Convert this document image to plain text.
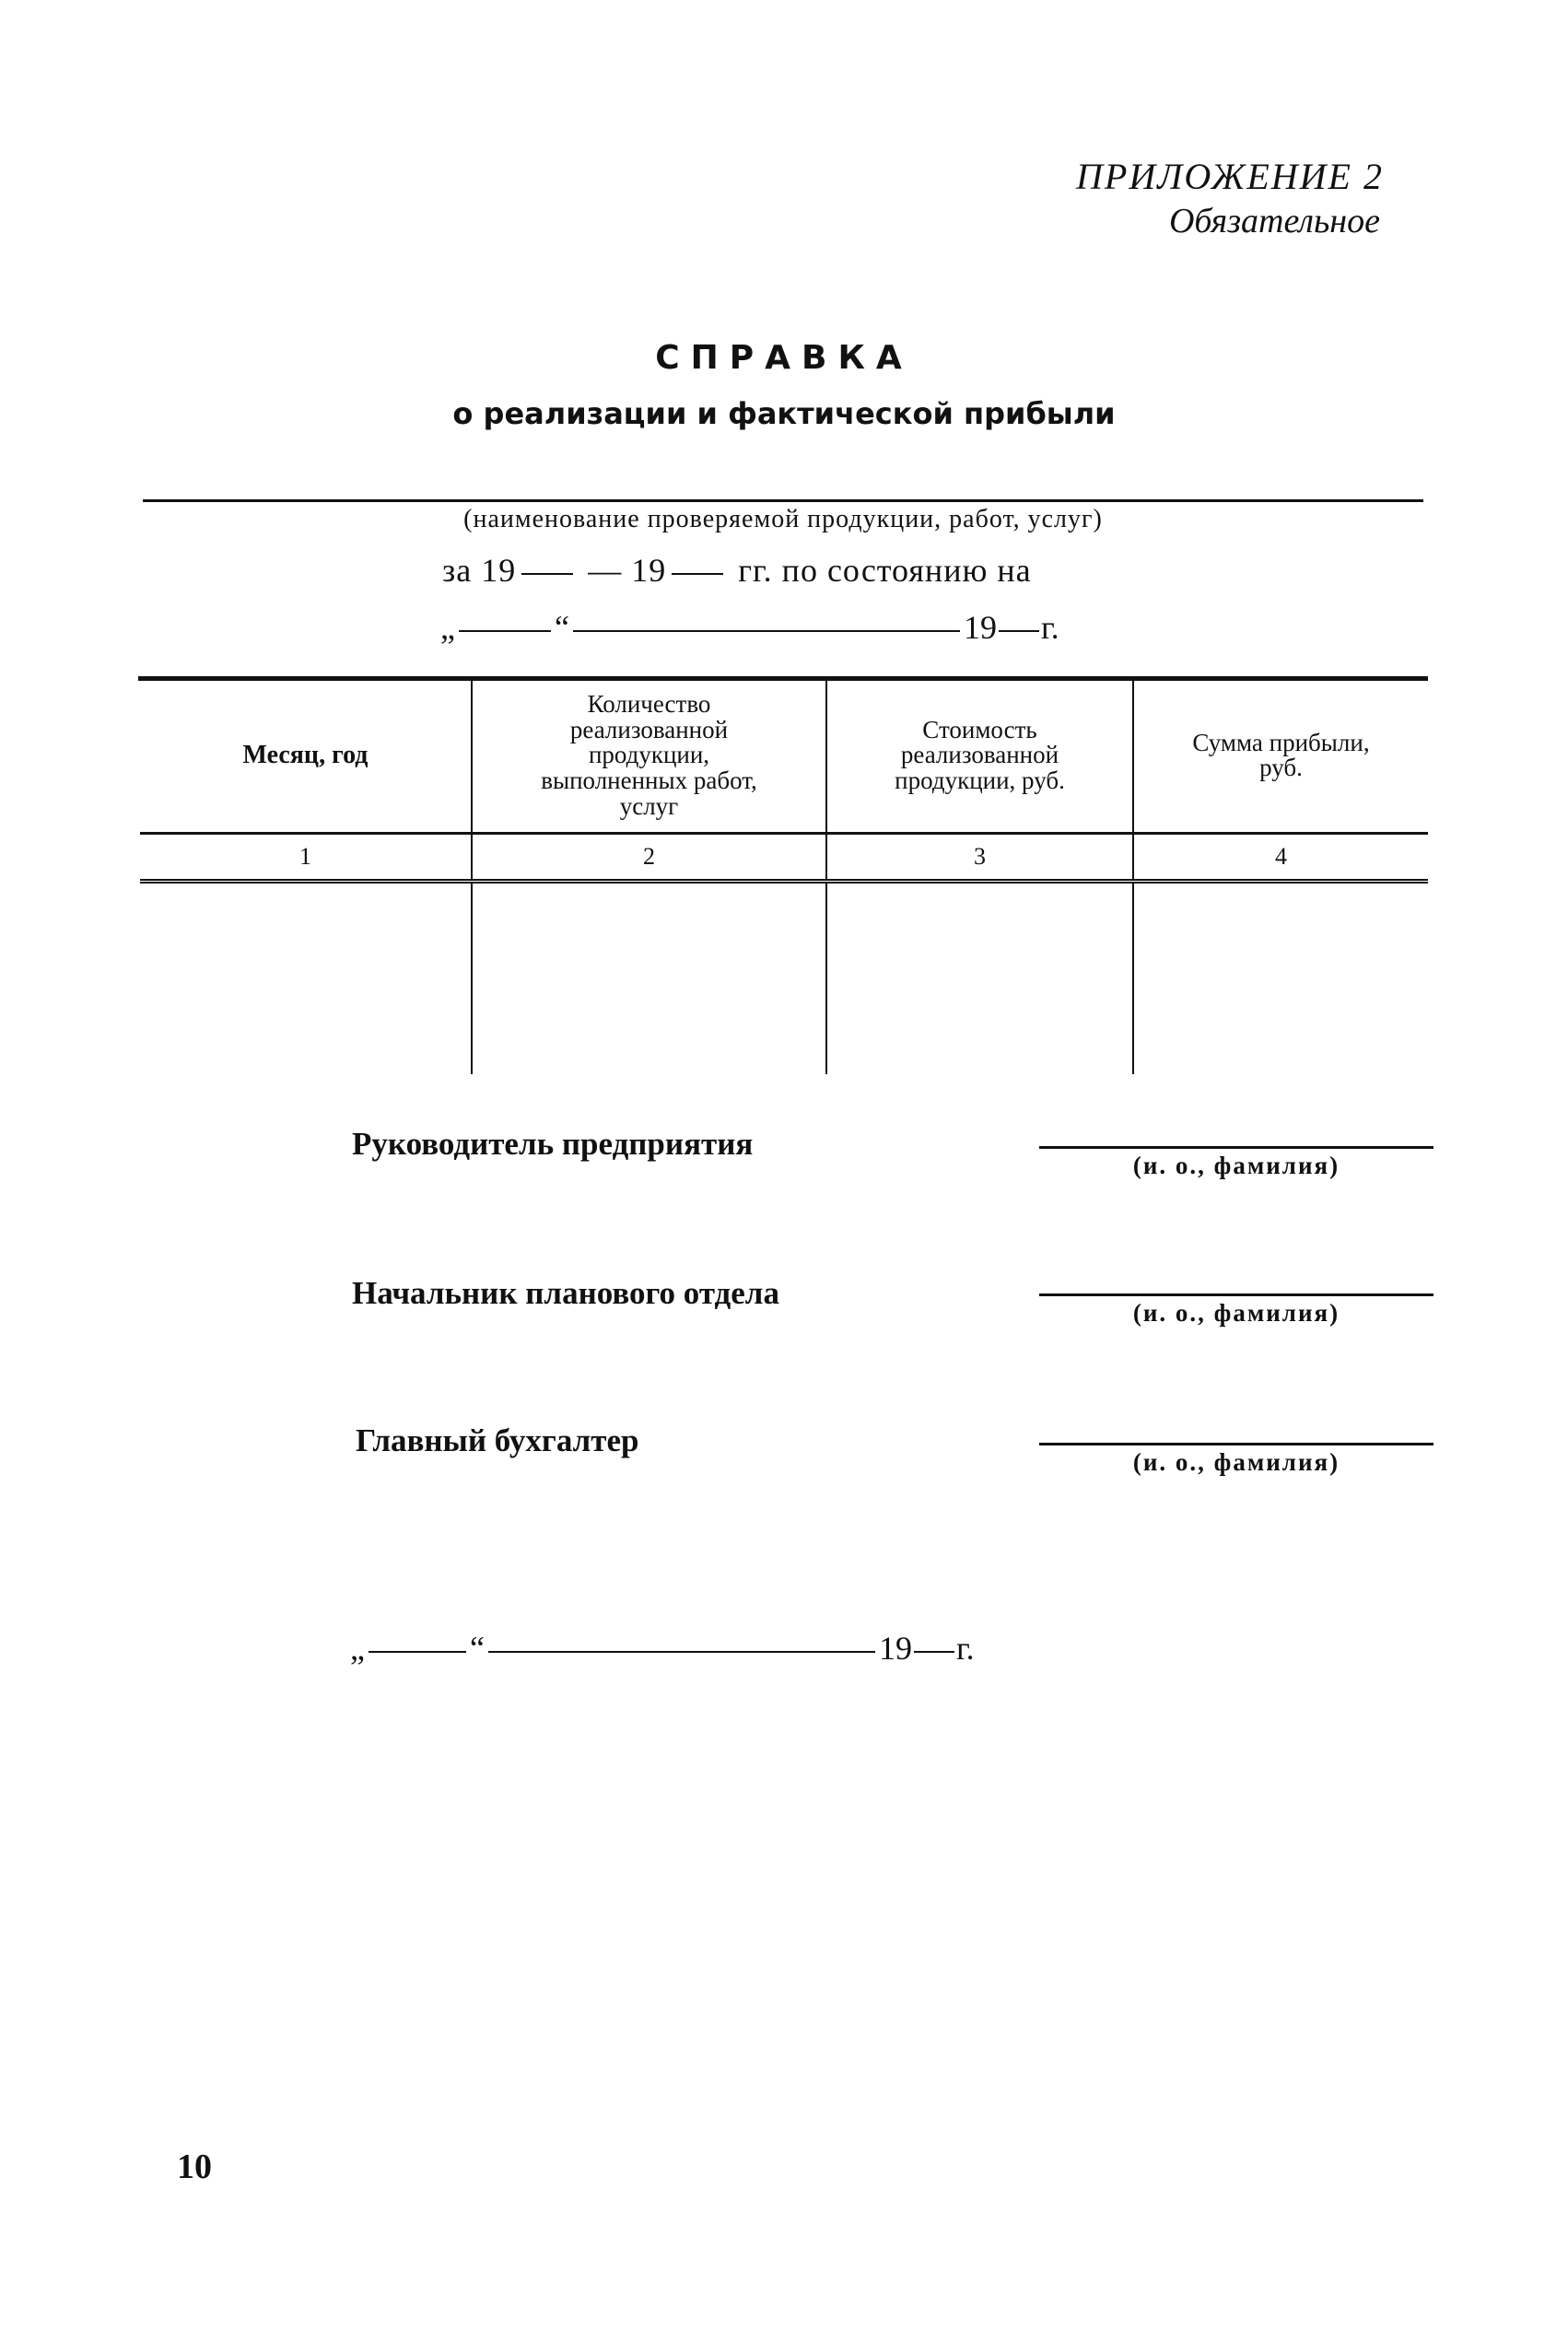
ПРИЛОЖЕНИЕ 2
Обязательное
СПРАВКА
о реализации и фактической прибыли
(наименование проверяемой продукции, работ, услуг)
за 19 — 19 гг. по состоянию на
„	“	19 г.
Месяц, год	Количество реализованной продукции, выполненных работ, услуг	Стоимость реализованной продукции, руб.	Сумма прибыли, руб.
1	2	3	4

Руководитель предприятия
(и. о., фамилия)
Начальник планового отдела
(и. о., фамилия)
Главный бухгалтер
(и. о., фамилия)
„	“	19 г.
10
